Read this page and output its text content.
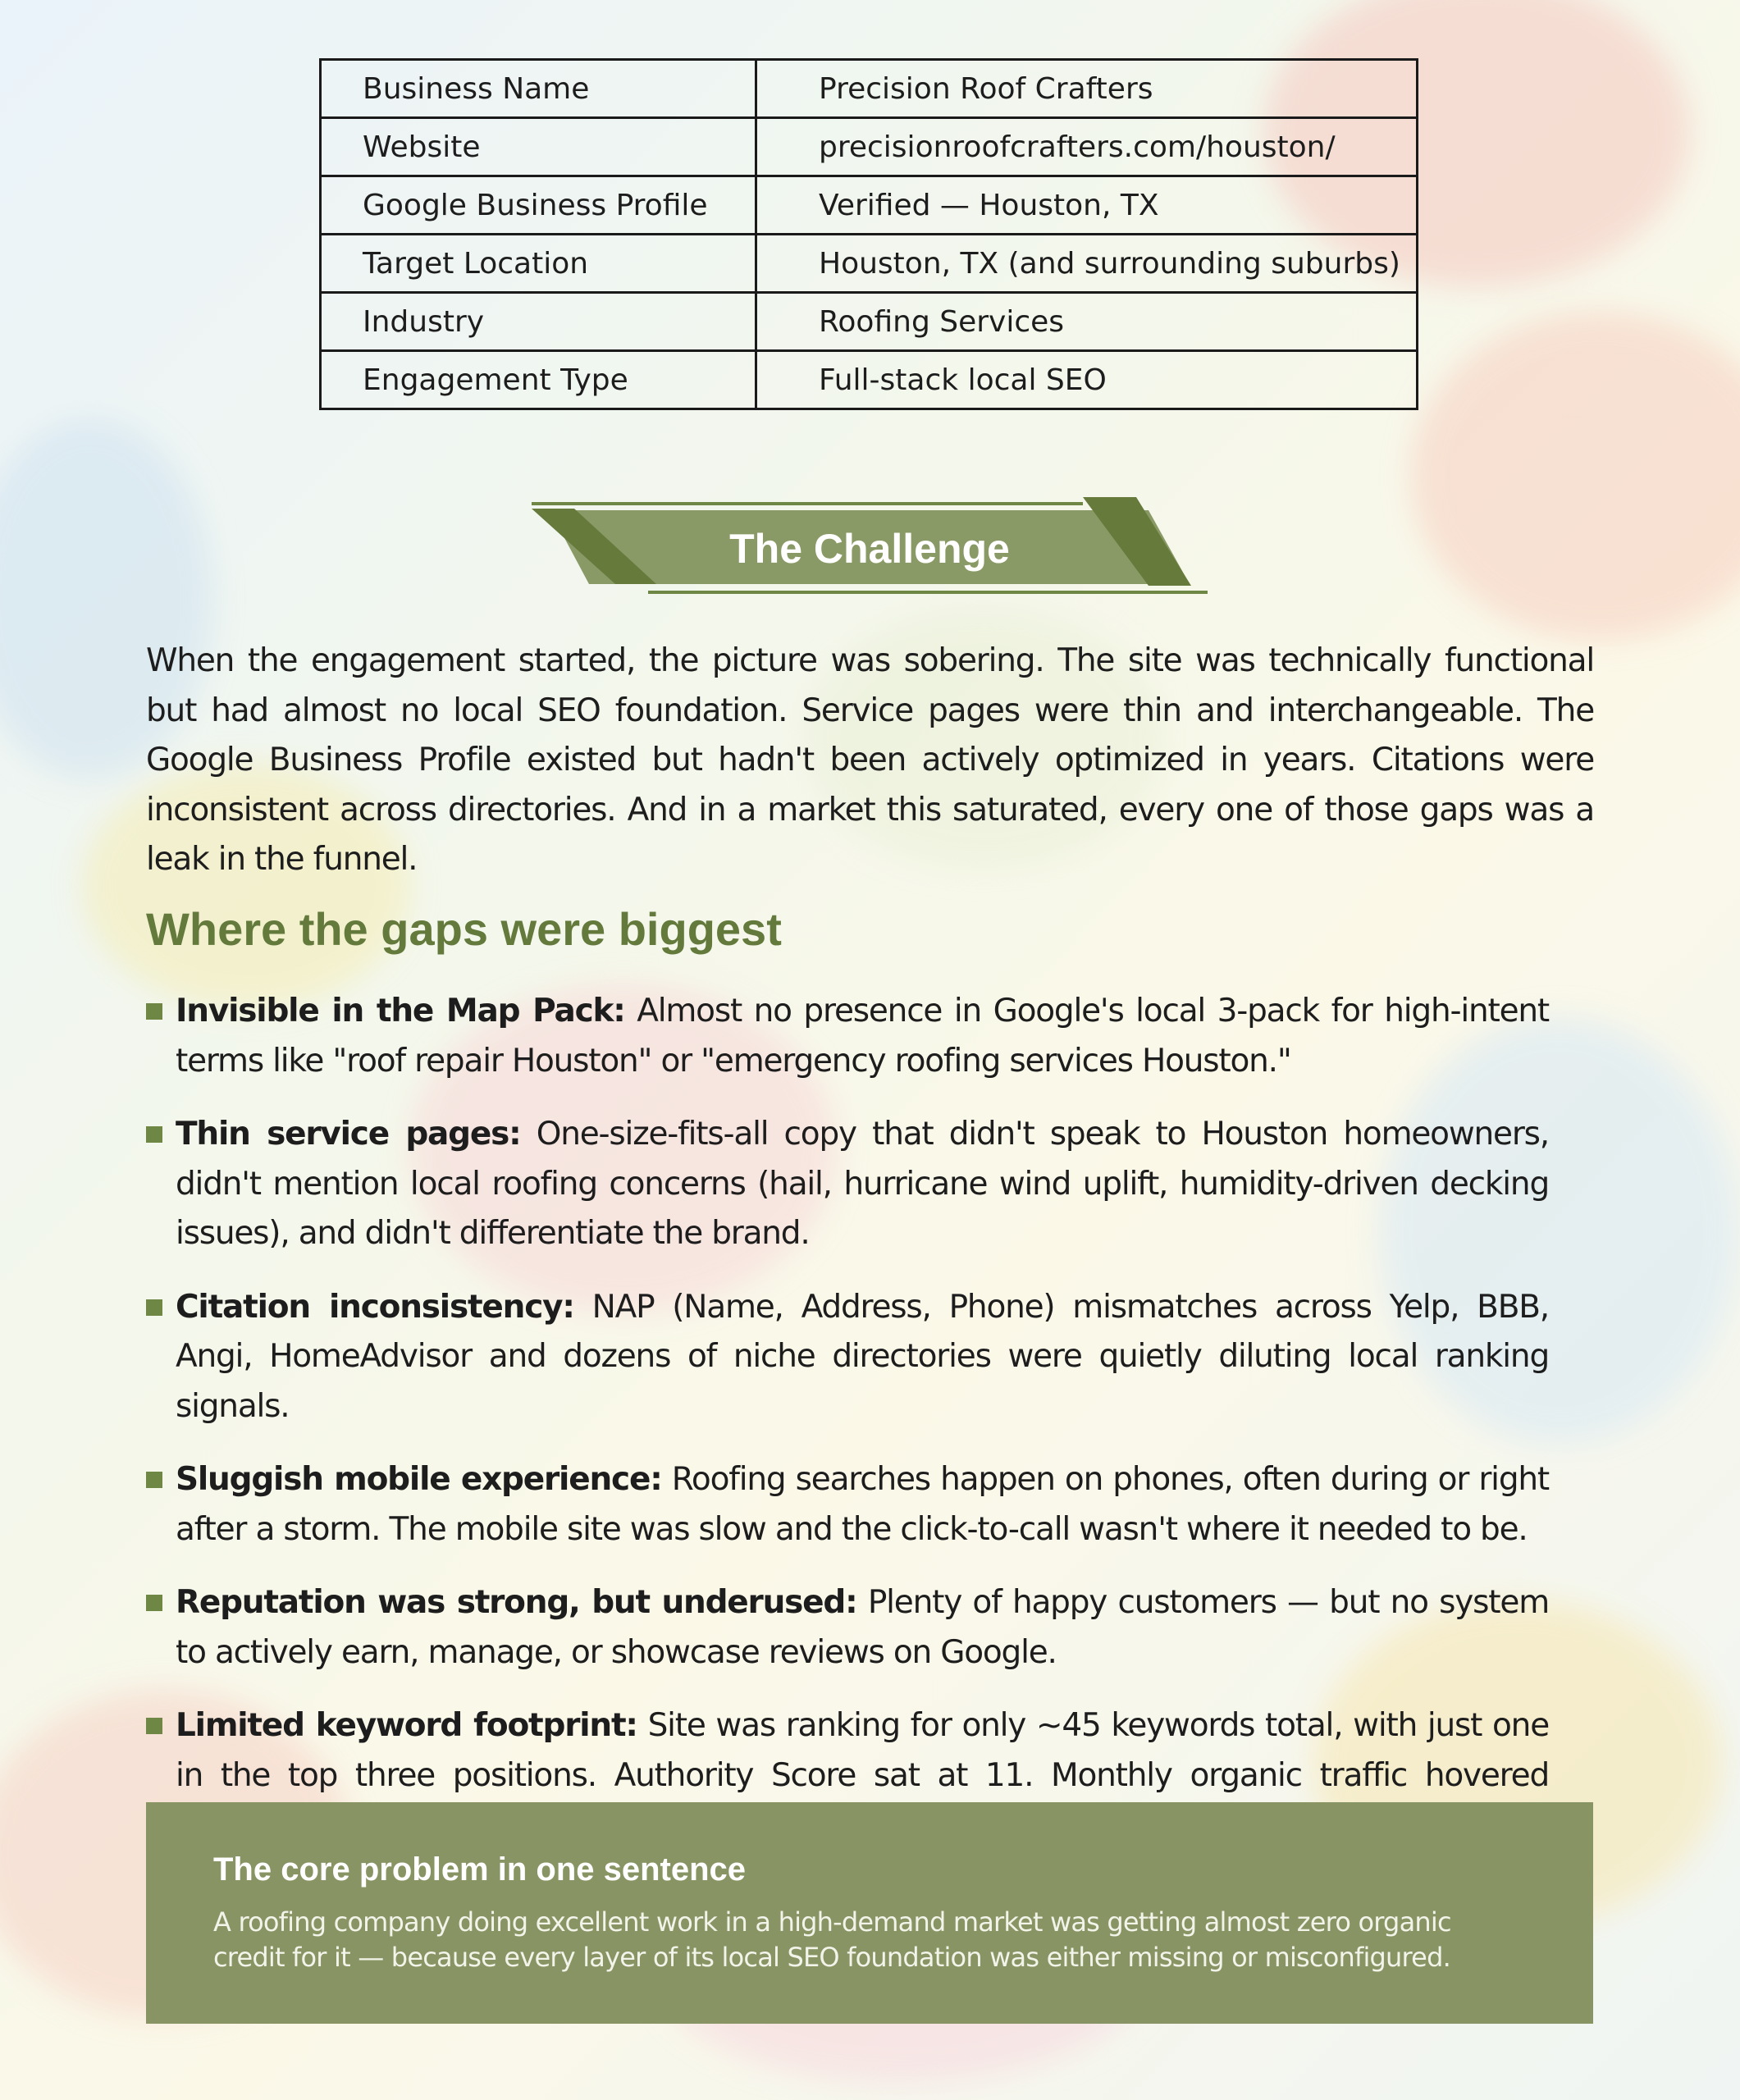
Business Name	Precision Roof Crafters
Website	precisionroofcrafters.com/houston/
Google Business Profile	Verified — Houston, TX
Target Location	Houston, TX (and surrounding suburbs)
Industry	Roofing Services
Engagement Type	Full-stack local SEO
The Challenge

When the engagement started, the picture was sobering. The site was technically functional but had almost no local SEO foundation. Service pages were thin and interchangeable. The Google Business Profile existed but hadn't been actively optimized in years. Citations were inconsistent across directories. And in a market this saturated, every one of those gaps was a leak in the funnel.

Where the gaps were biggest
Invisible in the Map Pack: Almost no presence in Google's local 3-pack for high-intent terms like "roof repair Houston" or "emergency roofing services Houston."
Thin service pages: One-size-fits-all copy that didn't speak to Houston homeowners, didn't mention local roofing concerns (hail, hurricane wind uplift, humidity-driven decking issues), and didn't differentiate the brand.
Citation inconsistency: NAP (Name, Address, Phone) mismatches across Yelp, BBB, Angi, HomeAdvisor and dozens of niche directories were quietly diluting local ranking signals.
Sluggish mobile experience: Roofing searches happen on phones, often during or right after a storm. The mobile site was slow and the click-to-call wasn't where it needed to be.
Reputation was strong, but underused: Plenty of happy customers — but no system to actively earn, manage, or showcase reviews on Google.
Limited keyword footprint: Site was ranking for only ~45 keywords total, with just one in the top three positions. Authority Score sat at 11. Monthly organic traffic hovered

The core problem in one sentence

A roofing company doing excellent work in a high-demand market was getting almost zero organic credit for it — because every layer of its local SEO foundation was either missing or misconfigured.
